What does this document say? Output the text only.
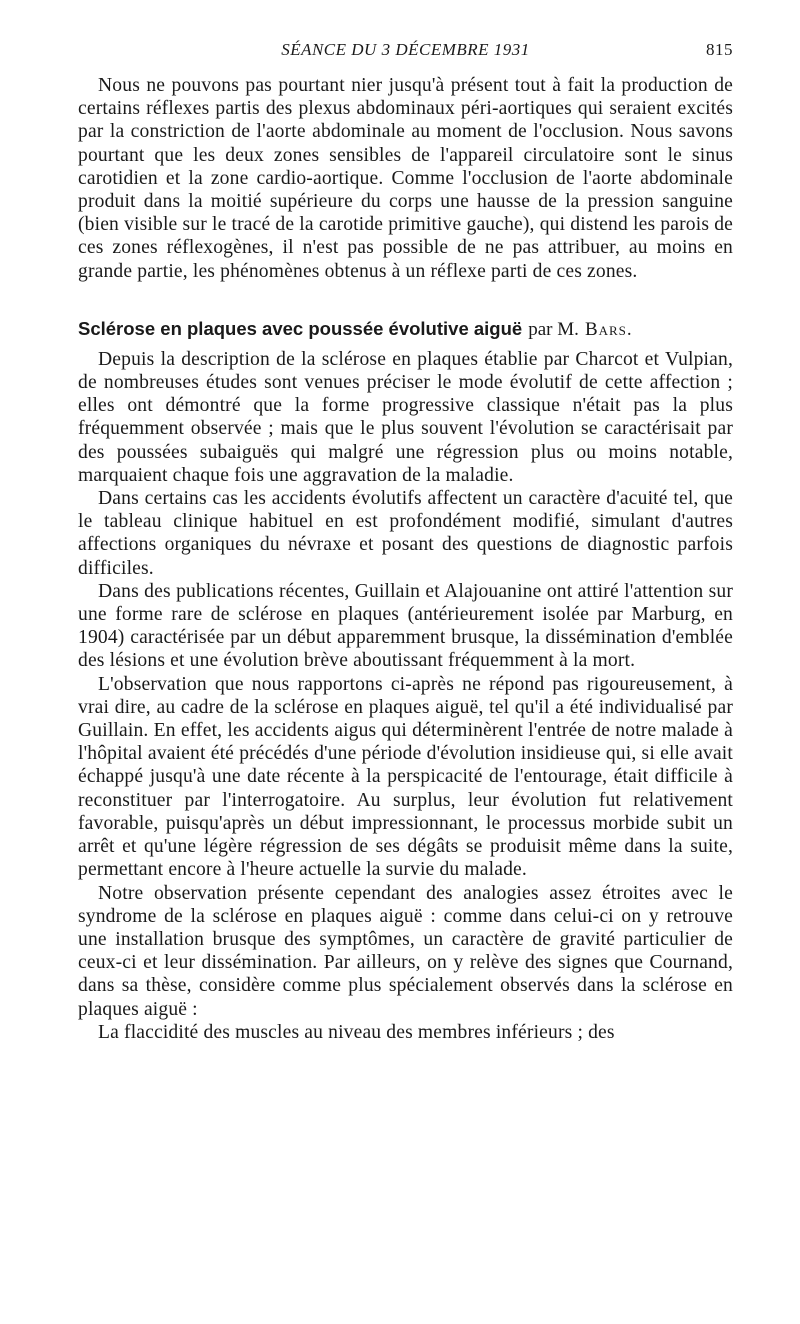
SÉANCE DU 3 DÉCEMBRE 1931	815

Nous ne pouvons pas pourtant nier jusqu'à présent tout à fait la production de certains réflexes partis des plexus abdominaux péri-aortiques qui seraient excités par la constriction de l'aorte abdominale au moment de l'occlusion. Nous savons pourtant que les deux zones sensibles de l'appareil circulatoire sont le sinus carotidien et la zone cardio-aortique. Comme l'occlusion de l'aorte abdominale produit dans la moitié supérieure du corps une hausse de la pression sanguine (bien visible sur le tracé de la carotide primitive gauche), qui distend les parois de ces zones réflexogènes, il n'est pas possible de ne pas attribuer, au moins en grande partie, les phénomènes obtenus à un réflexe parti de ces zones.

Sclérose en plaques avec poussée évolutive aiguë par M. Bars.

Depuis la description de la sclérose en plaques établie par Charcot et Vulpian, de nombreuses études sont venues préciser le mode évolutif de cette affection ; elles ont démontré que la forme progressive classique n'était pas la plus fréquemment observée ; mais que le plus souvent l'évolution se caractérisait par des poussées subaiguës qui malgré une régression plus ou moins notable, marquaient chaque fois une aggravation de la maladie.

Dans certains cas les accidents évolutifs affectent un caractère d'acuité tel, que le tableau clinique habituel en est profondément modifié, simulant d'autres affections organiques du névraxe et posant des questions de diagnostic parfois difficiles.

Dans des publications récentes, Guillain et Alajouanine ont attiré l'attention sur une forme rare de sclérose en plaques (antérieurement isolée par Marburg, en 1904) caractérisée par un début apparemment brusque, la dissémination d'emblée des lésions et une évolution brève aboutissant fréquemment à la mort.

L'observation que nous rapportons ci-après ne répond pas rigoureusement, à vrai dire, au cadre de la sclérose en plaques aiguë, tel qu'il a été individualisé par Guillain. En effet, les accidents aigus qui déterminèrent l'entrée de notre malade à l'hôpital avaient été précédés d'une période d'évolution insidieuse qui, si elle avait échappé jusqu'à une date récente à la perspicacité de l'entourage, était difficile à reconstituer par l'interrogatoire. Au surplus, leur évolution fut relativement favorable, puisqu'après un début impressionnant, le processus morbide subit un arrêt et qu'une légère régression de ses dégâts se produisit même dans la suite, permettant encore à l'heure actuelle la survie du malade.

Notre observation présente cependant des analogies assez étroites avec le syndrome de la sclérose en plaques aiguë : comme dans celui-ci on y retrouve une installation brusque des symptômes, un caractère de gravité particulier de ceux-ci et leur dissémination. Par ailleurs, on y relève des signes que Cournand, dans sa thèse, considère comme plus spécialement observés dans la sclérose en plaques aiguë :

La flaccidité des muscles au niveau des membres inférieurs ; des
